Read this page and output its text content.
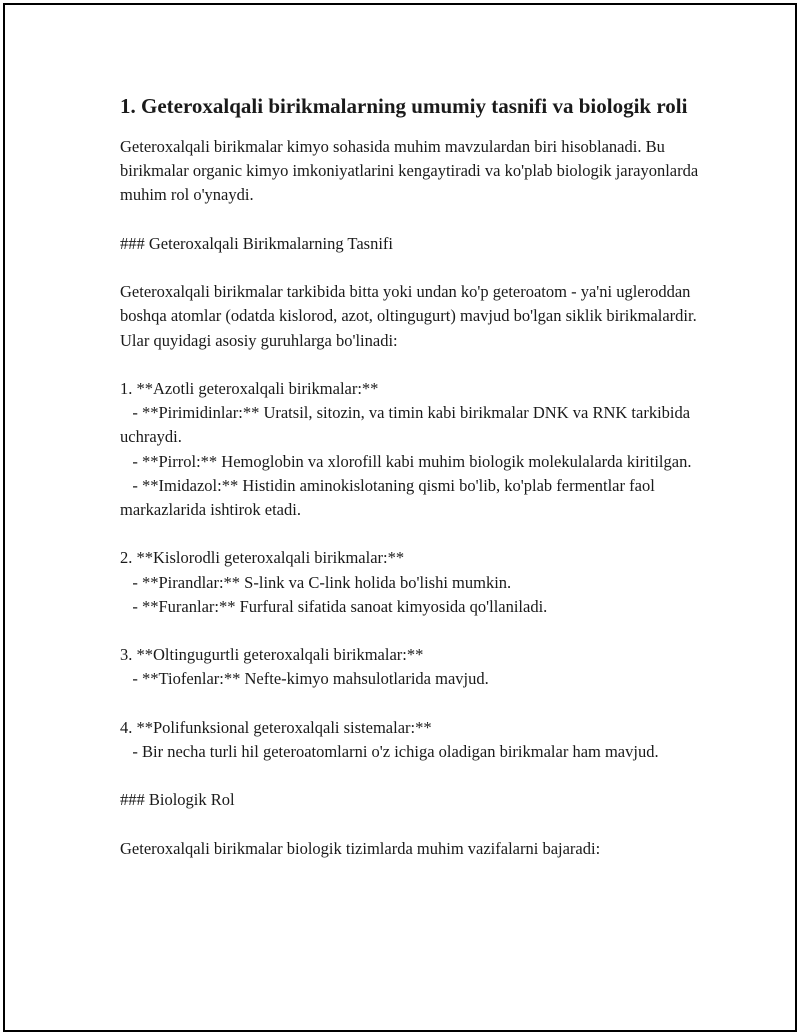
1. Geteroxalqali birikmalarning umumiy tasnifi va biologik roli

Geteroxalqali birikmalar kimyo sohasida muhim mavzulardan biri hisoblanadi. Bu birikmalar organic kimyo imkoniyatlarini kengaytiradi va ko'plab biologik jarayonlarda muhim rol o'ynaydi.

### Geteroxalqali Birikmalarning Tasnifi

Geteroxalqali birikmalar tarkibida bitta yoki undan ko'p geteroatom - ya'ni ugleroddan boshqa atomlar (odatda kislorod, azot, oltingugurt) mavjud bo'lgan siklik birikmalardir. Ular quyidagi asosiy guruhlarga bo'linadi:

1. **Azotli geteroxalqali birikmalar:**
- **Pirimidinlar:** Uratsil, sitozin, va timin kabi birikmalar DNK va RNK tarkibida uchraydi.
- **Pirrol:** Hemoglobin va xlorofill kabi muhim biologik molekulalarda kiritilgan.
- **Imidazol:** Histidin aminokislotaning qismi bo'lib, ko'plab fermentlar faol markazlarida ishtirok etadi.

2. **Kislorodli geteroxalqali birikmalar:**
- **Pirandlar:** S-link va C-link holida bo'lishi mumkin.
- **Furanlar:** Furfural sifatida sanoat kimyosida qo'llaniladi.

3. **Oltingugurtli geteroxalqali birikmalar:**
- **Tiofenlar:** Nefte-kimyo mahsulotlarida mavjud.

4. **Polifunksional geteroxalqali sistemalar:**
- Bir necha turli hil geteroatomlarni o'z ichiga oladigan birikmalar ham mavjud.

### Biologik Rol

Geteroxalqali birikmalar biologik tizimlarda muhim vazifalarni bajaradi:
